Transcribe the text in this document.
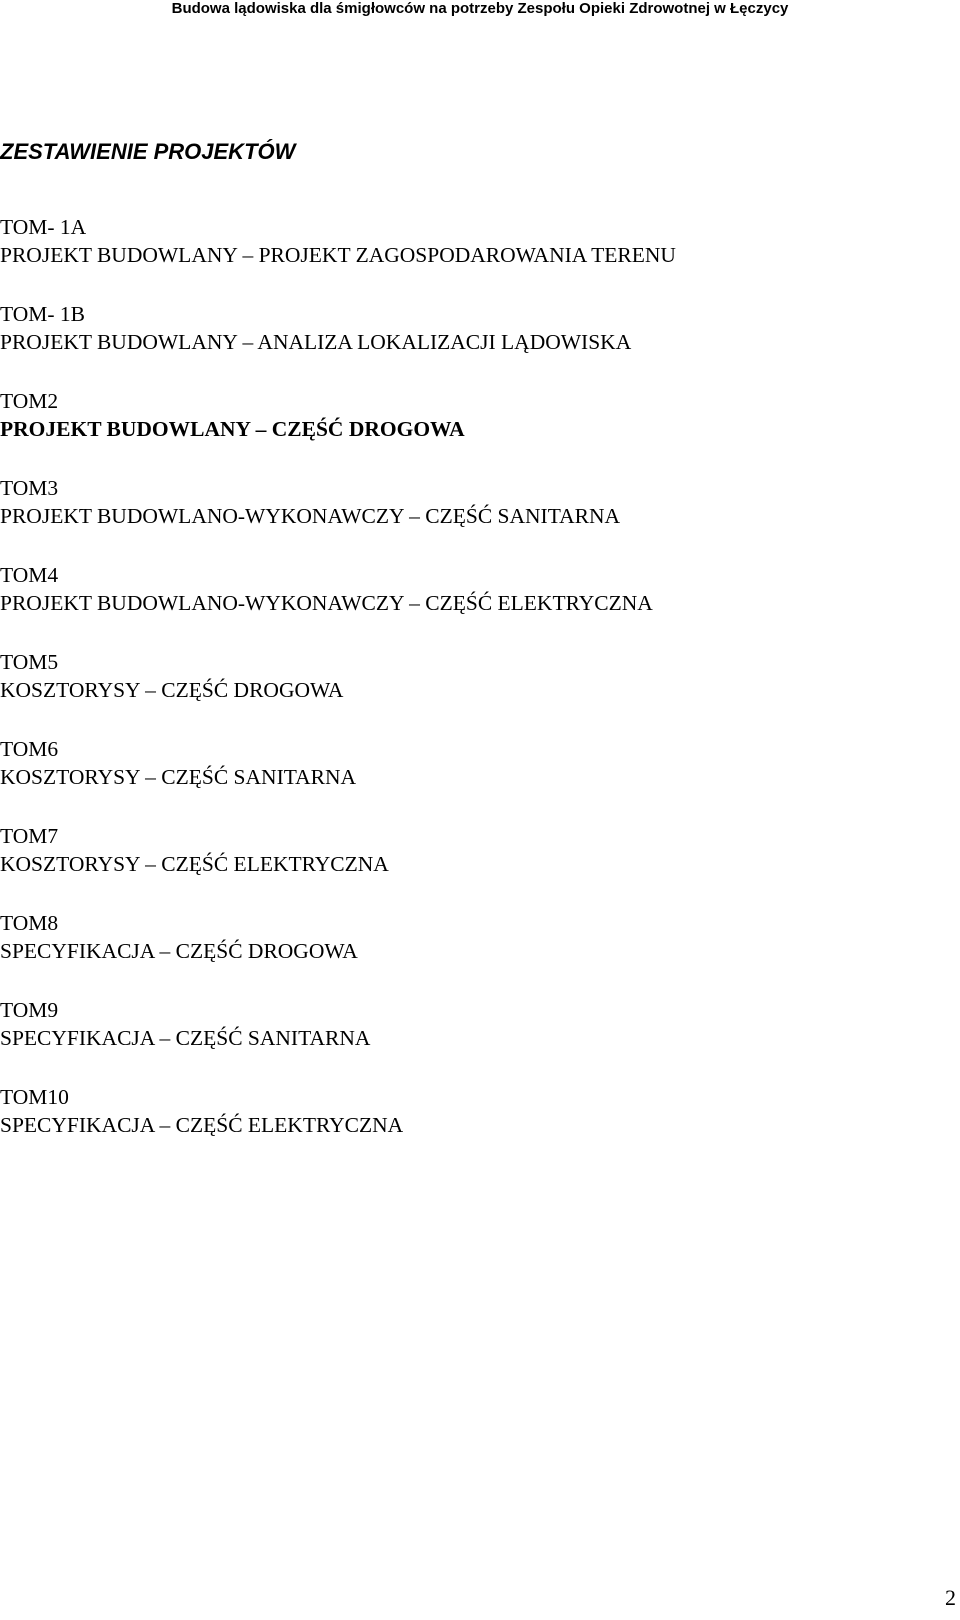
Budowa lądowiska dla śmigłowców na potrzeby Zespołu Opieki Zdrowotnej w Łęczycy
ZESTAWIENIE PROJEKTÓW
TOM- 1A
PROJEKT BUDOWLANY – PROJEKT ZAGOSPODAROWANIA TERENU
TOM- 1B
PROJEKT BUDOWLANY – ANALIZA LOKALIZACJI LĄDOWISKA
TOM2
PROJEKT BUDOWLANY – CZĘŚĆ DROGOWA
TOM3
PROJEKT BUDOWLANO-WYKONAWCZY – CZĘŚĆ SANITARNA
TOM4
PROJEKT BUDOWLANO-WYKONAWCZY – CZĘŚĆ ELEKTRYCZNA
TOM5
KOSZTORYSY – CZĘŚĆ DROGOWA
TOM6
KOSZTORYSY – CZĘŚĆ SANITARNA
TOM7
KOSZTORYSY – CZĘŚĆ ELEKTRYCZNA
TOM8
SPECYFIKACJA – CZĘŚĆ DROGOWA
TOM9
SPECYFIKACJA – CZĘŚĆ SANITARNA
TOM10
SPECYFIKACJA – CZĘŚĆ ELEKTRYCZNA
2
